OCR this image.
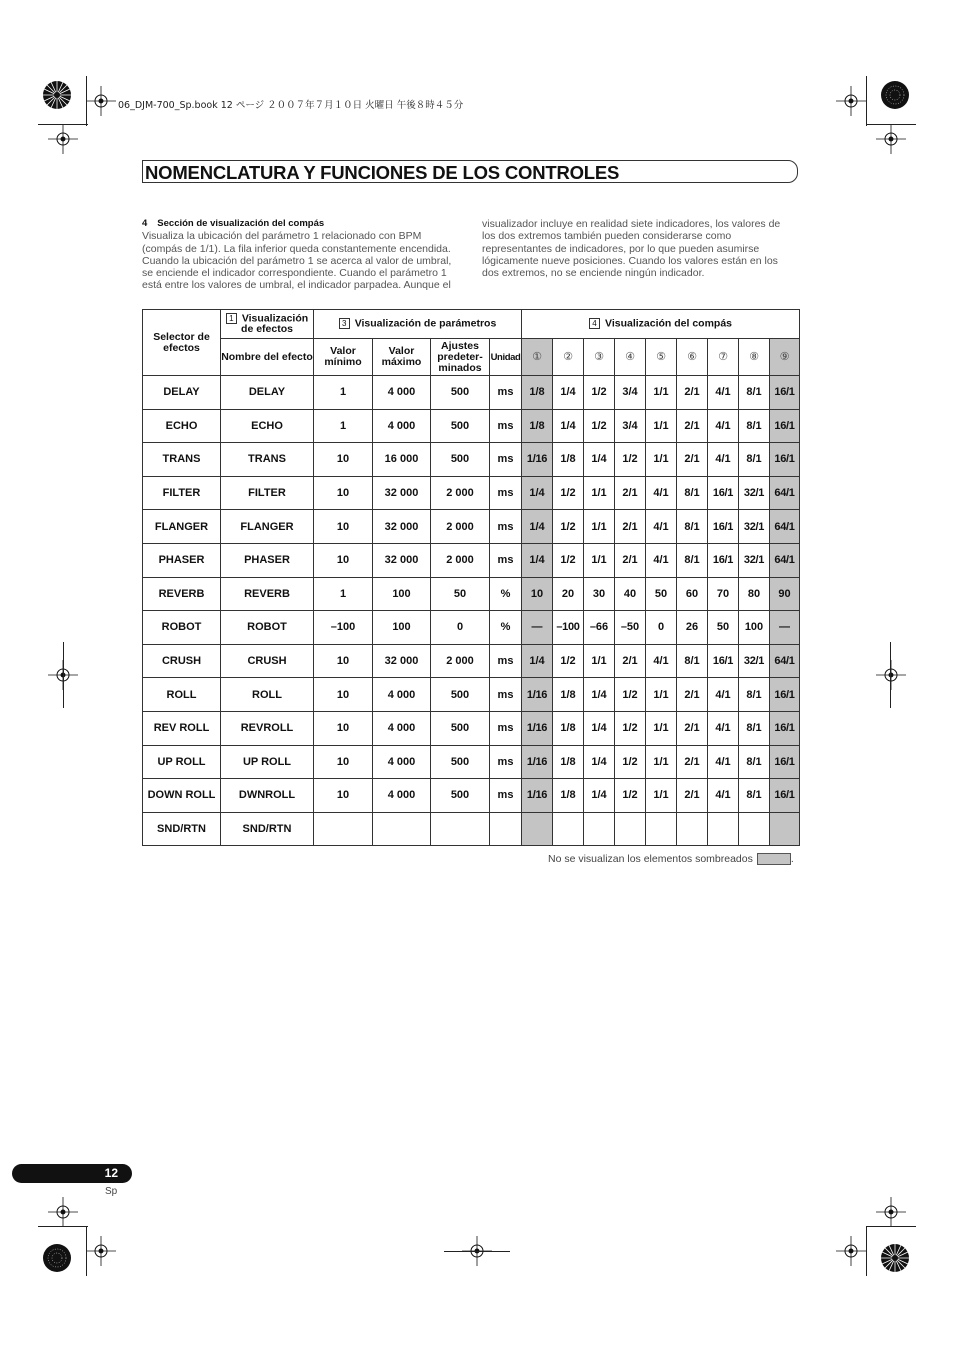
06_DJM-700_Sp.book 12 ページ ２００７年７月１０日 火曜日 午後８時４５分
NOMENCLATURA Y FUNCIONES DE LOS CONTROLES
4 Sección de visualización del compás
Visualiza la ubicación del parámetro 1 relacionado con BPM
(compás de 1/1). La fila inferior queda constantemente encendida.
Cuando la ubicación del parámetro 1 se acerca al valor de umbral,
se enciende el indicador correspondiente. Cuando el parámetro 1
está entre los valores de umbral, el indicador parpadea. Aunque el
visualizador incluye en realidad siete indicadores, los valores de
los dos extremos también pueden considerarse como
representantes de indicadores, por lo que pueden asumirse
lógicamente nueve posiciones. Cuando los valores están en los
dos extremos, no se enciende ningún indicador.
Selector de efectos	1 Visualización de efectos	3 Visualización de parámetros				4 Visualización del compás								
	Nombre del efecto	Valor mínimo	Valor máximo	Ajustes predeter-minados	Unidad	①	②	③	④	⑤	⑥	⑦	⑧	⑨
DELAY	DELAY	1	4 000	500	ms	1/8	1/4	1/2	3/4	1/1	2/1	4/1	8/1	16/1
ECHO	ECHO	1	4 000	500	ms	1/8	1/4	1/2	3/4	1/1	2/1	4/1	8/1	16/1
TRANS	TRANS	10	16 000	500	ms	1/16	1/8	1/4	1/2	1/1	2/1	4/1	8/1	16/1
FILTER	FILTER	10	32 000	2 000	ms	1/4	1/2	1/1	2/1	4/1	8/1	16/1	32/1	64/1
FLANGER	FLANGER	10	32 000	2 000	ms	1/4	1/2	1/1	2/1	4/1	8/1	16/1	32/1	64/1
PHASER	PHASER	10	32 000	2 000	ms	1/4	1/2	1/1	2/1	4/1	8/1	16/1	32/1	64/1
REVERB	REVERB	1	100	50	%	10	20	30	40	50	60	70	80	90
ROBOT	ROBOT	–100	100	0	%	—	–100	–66	–50	0	26	50	100	—
CRUSH	CRUSH	10	32 000	2 000	ms	1/4	1/2	1/1	2/1	4/1	8/1	16/1	32/1	64/1
ROLL	ROLL	10	4 000	500	ms	1/16	1/8	1/4	1/2	1/1	2/1	4/1	8/1	16/1
REV ROLL	REVROLL	10	4 000	500	ms	1/16	1/8	1/4	1/2	1/1	2/1	4/1	8/1	16/1
UP ROLL	UP ROLL	10	4 000	500	ms	1/16	1/8	1/4	1/2	1/1	2/1	4/1	8/1	16/1
DOWN ROLL	DWNROLL	10	4 000	500	ms	1/16	1/8	1/4	1/2	1/1	2/1	4/1	8/1	16/1
SND/RTN	SND/RTN													
No se visualizan los elementos sombreados	.
12
Sp
